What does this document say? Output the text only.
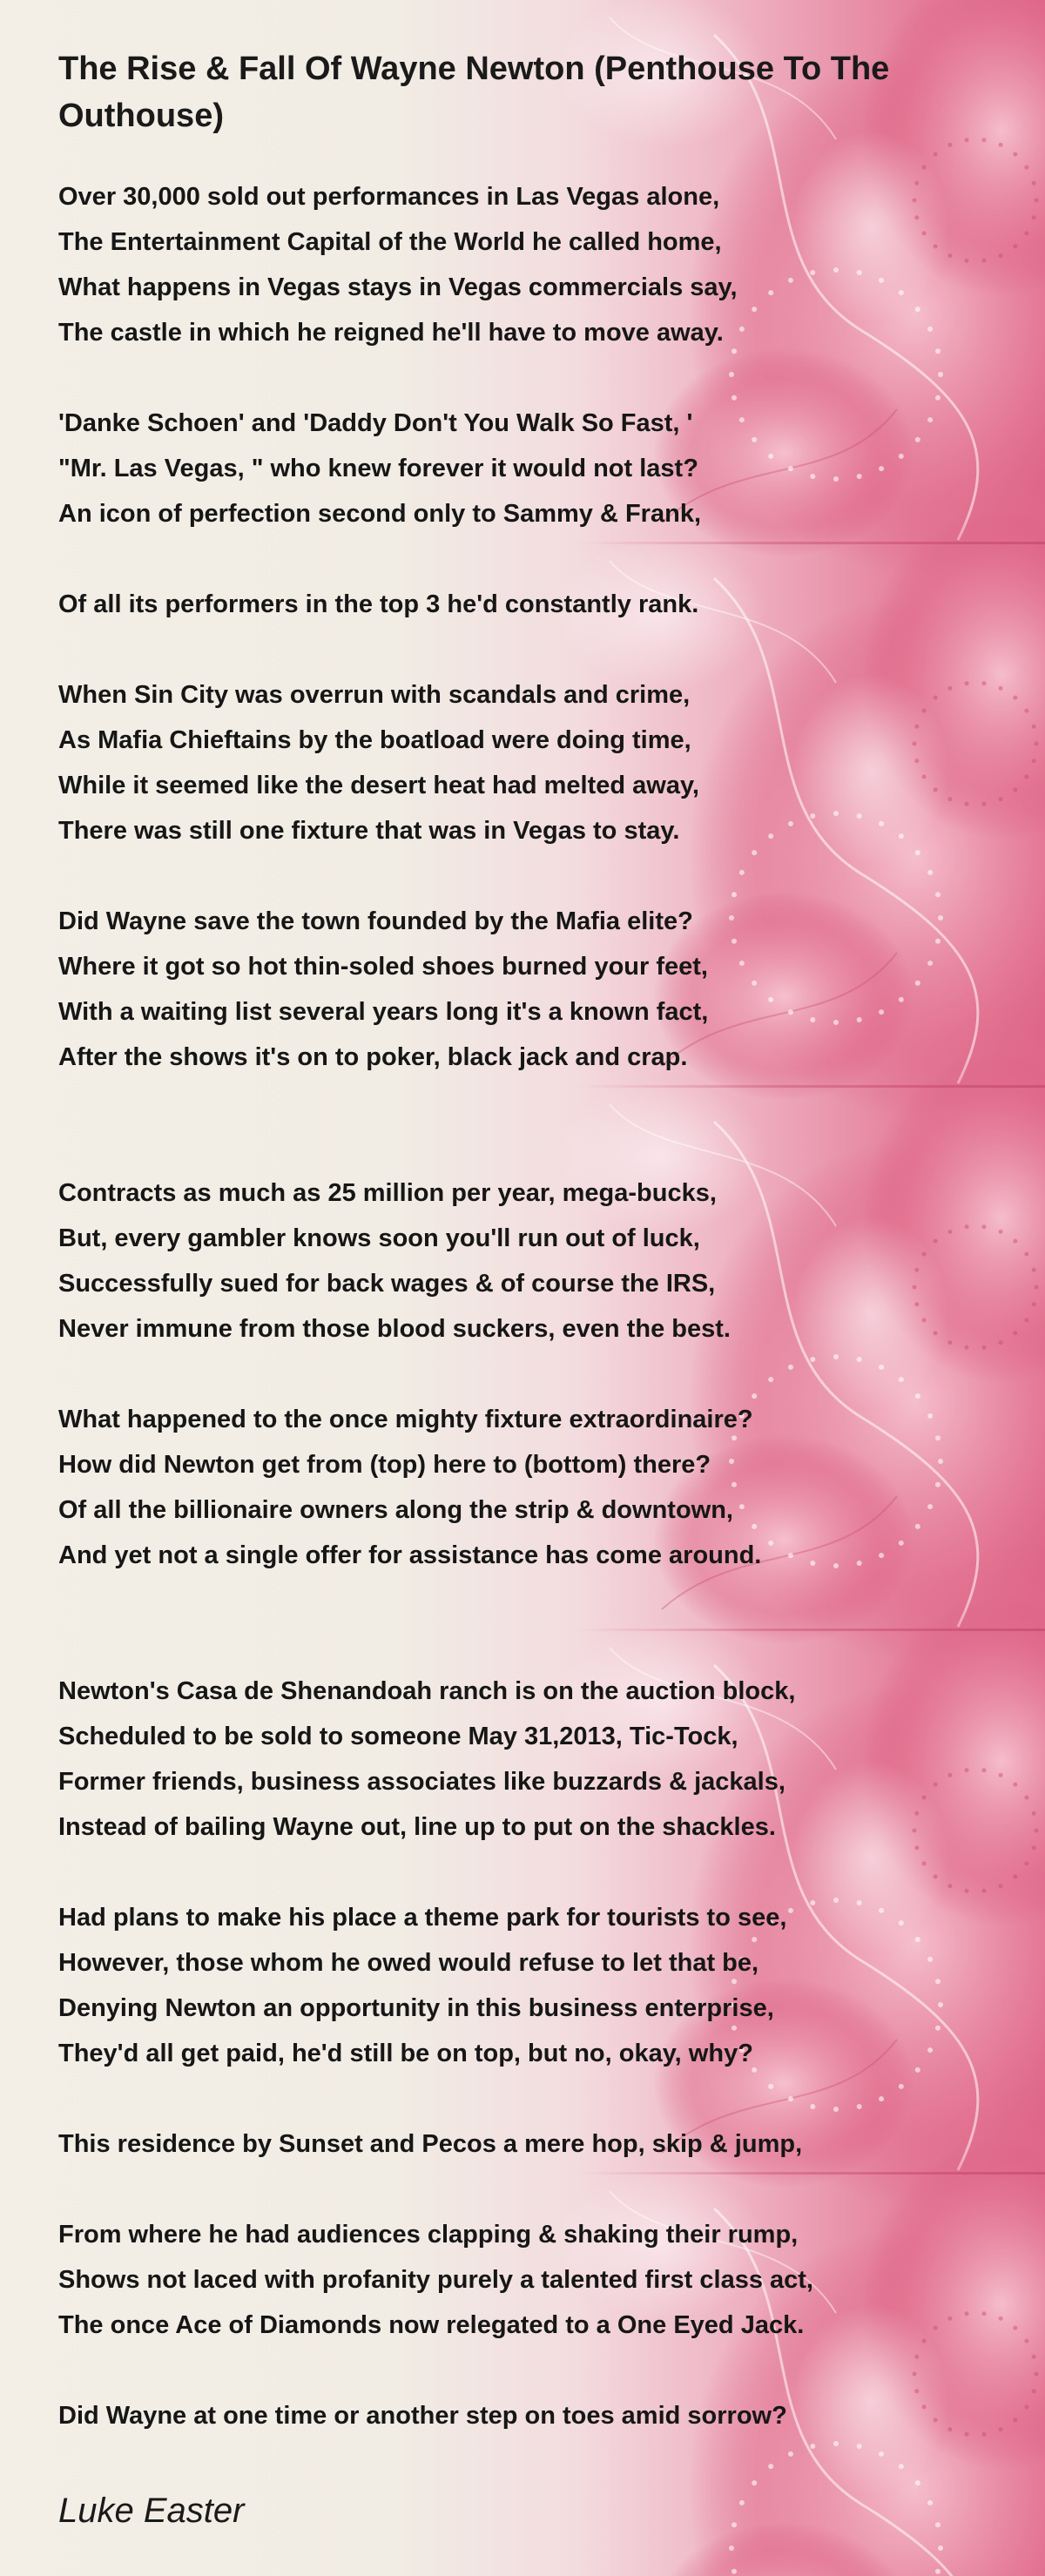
The Rise & Fall Of Wayne Newton (Penthouse To The Outhouse)
Over 30,000 sold out performances in Las Vegas alone,
The Entertainment Capital of the World he called home,
What happens in Vegas stays in Vegas commercials say,
The castle in which he reigned he'll have to move away.
'Danke Schoen' and 'Daddy Don't You Walk So Fast, '
"Mr. Las Vegas, " who knew forever it would not last?
An icon of perfection second only to Sammy & Frank,
Of all its performers in the top 3 he'd constantly rank.
When Sin City was overrun with scandals and crime,
As Mafia Chieftains by the boatload were doing time,
While it seemed like the desert heat had melted away,
There was still one fixture that was in Vegas to stay.
Did Wayne save the town founded by the Mafia elite?
Where it got so hot thin-soled shoes burned your feet,
With a waiting list several years long it's a known fact,
After the shows it's on to poker, black jack and crap.
Contracts as much as 25 million per year, mega-bucks,
But, every gambler knows soon you'll run out of luck,
Successfully sued for back wages & of course the IRS,
Never immune from those blood suckers, even the best.
What happened to the once mighty fixture extraordinaire?
How did Newton get from (top) here to (bottom) there?
Of all the billionaire owners along the strip & downtown,
And yet not a single offer for assistance has come around.
Newton's Casa de Shenandoah ranch is on the auction block,
Scheduled to be sold to someone May 31,2013, Tic-Tock,
Former friends, business associates like buzzards & jackals,
Instead of bailing Wayne out, line up to put on the shackles.
Had plans to make his place a theme park for tourists to see,
However, those whom he owed would refuse to let that be,
Denying Newton an opportunity in this business enterprise,
They'd all get paid, he'd still be on top, but no, okay, why?
This residence by Sunset and Pecos a mere hop, skip & jump,
From where he had audiences clapping & shaking their rump,
Shows not laced with profanity purely a talented first class act,
The once Ace of Diamonds now relegated to a One Eyed Jack.
Did Wayne at one time or another step on toes amid sorrow?
Luke Easter
